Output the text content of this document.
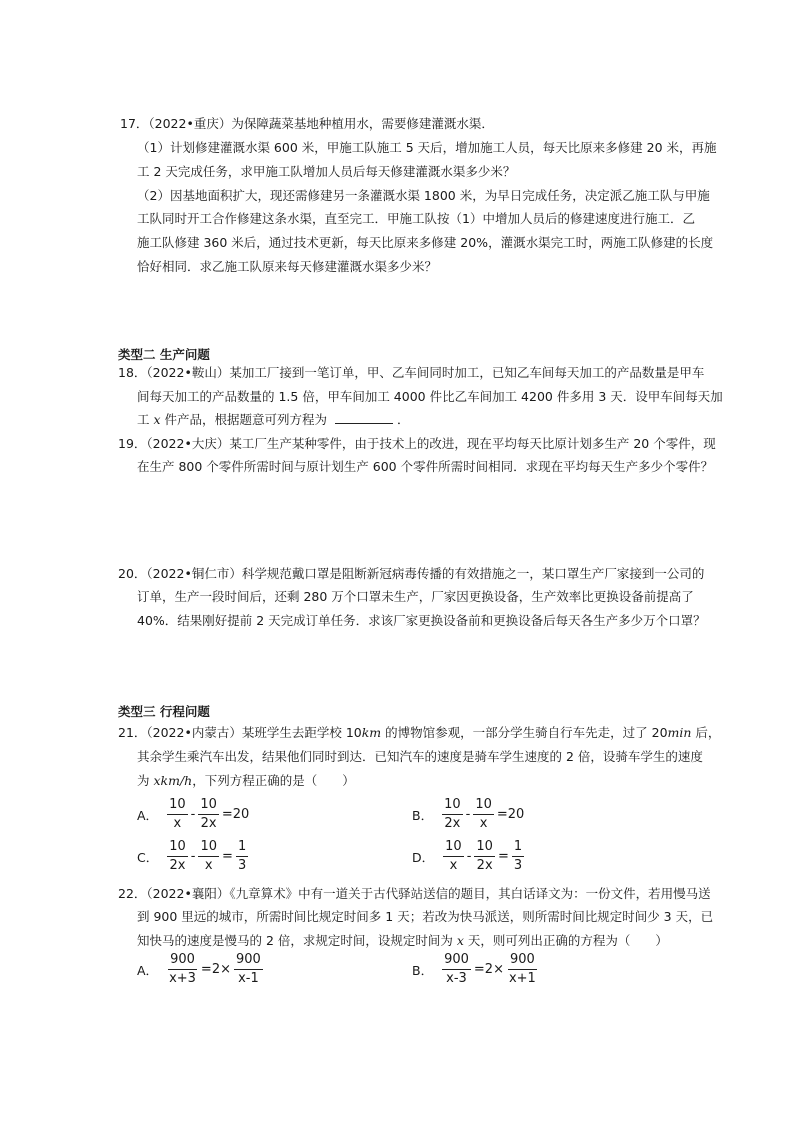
17．（2022•重庆）为保障蔬菜基地种植用水，需要修建灌溉水渠．
（1）计划修建灌溉水渠 600 米，甲施工队施工 5 天后，增加施工人员，每天比原来多修建 20 米，再施
工 2 天完成任务，求甲施工队增加人员后每天修建灌溉水渠多少米？
（2）因基地面积扩大，现还需修建另一条灌溉水渠 1800 米，为早日完成任务，决定派乙施工队与甲施
工队同时开工合作修建这条水渠，直至完工．甲施工队按（1）中增加人员后的修建速度进行施工．乙
施工队修建 360 米后，通过技术更新，每天比原来多修建 20%，灌溉水渠完工时，两施工队修建的长度
恰好相同．求乙施工队原来每天修建灌溉水渠多少米？
类型二 生产问题
18．（2022•鞍山）某加工厂接到一笔订单，甲、乙车间同时加工，已知乙车间每天加工的产品数量是甲车
间每天加工的产品数量的 1.5 倍，甲车间加工 4000 件比乙车间加工 4200 件多用 3 天．设甲车间每天加
工 x 件产品，根据题意可列方程为	．
19．（2022•大庆）某工厂生产某种零件，由于技术上的改进，现在平均每天比原计划多生产 20 个零件，现
在生产 800 个零件所需时间与原计划生产 600 个零件所需时间相同．求现在平均每天生产多少个零件？
20．（2022•铜仁市）科学规范戴口罩是阻断新冠病毒传播的有效措施之一，某口罩生产厂家接到一公司的
订单，生产一段时间后，还剩 280 万个口罩未生产，厂家因更换设备，生产效率比更换设备前提高了
40%．结果刚好提前 2 天完成订单任务．求该厂家更换设备前和更换设备后每天各生产多少万个口罩？
类型三 行程问题
21．（2022•内蒙古）某班学生去距学校 10km 的博物馆参观，一部分学生骑自行车先走，过了 20min 后，
其余学生乘汽车出发，结果他们同时到达．已知汽车的速度是骑车学生速度的 2 倍，设骑车学生的速度
为 xkm/h，下列方程正确的是（　　）
A． $\frac{10}{x} - \frac{10}{2x} =20$	B． $\frac{10}{2x} - \frac{10}{x} =20$
C． $\frac{10}{2x} - \frac{10}{x} = \frac{1}{3}$	D． $\frac{10}{x} - \frac{10}{2x} = \frac{1}{3}$
22．（2022•襄阳）《九章算术》中有一道关于古代驿站送信的题目，其白话译文为：一份文件，若用慢马送
到 900 里远的城市，所需时间比规定时间多 1 天；若改为快马派送，则所需时间比规定时间少 3 天，已
知快马的速度是慢马的 2 倍，求规定时间，设规定时间为 x 天，则可列出正确的方程为（　　）
A． $\frac{900}{x+3} =2\times \frac{900}{x-1}$	B． $\frac{900}{x-3} =2\times \frac{900}{x+1}$
